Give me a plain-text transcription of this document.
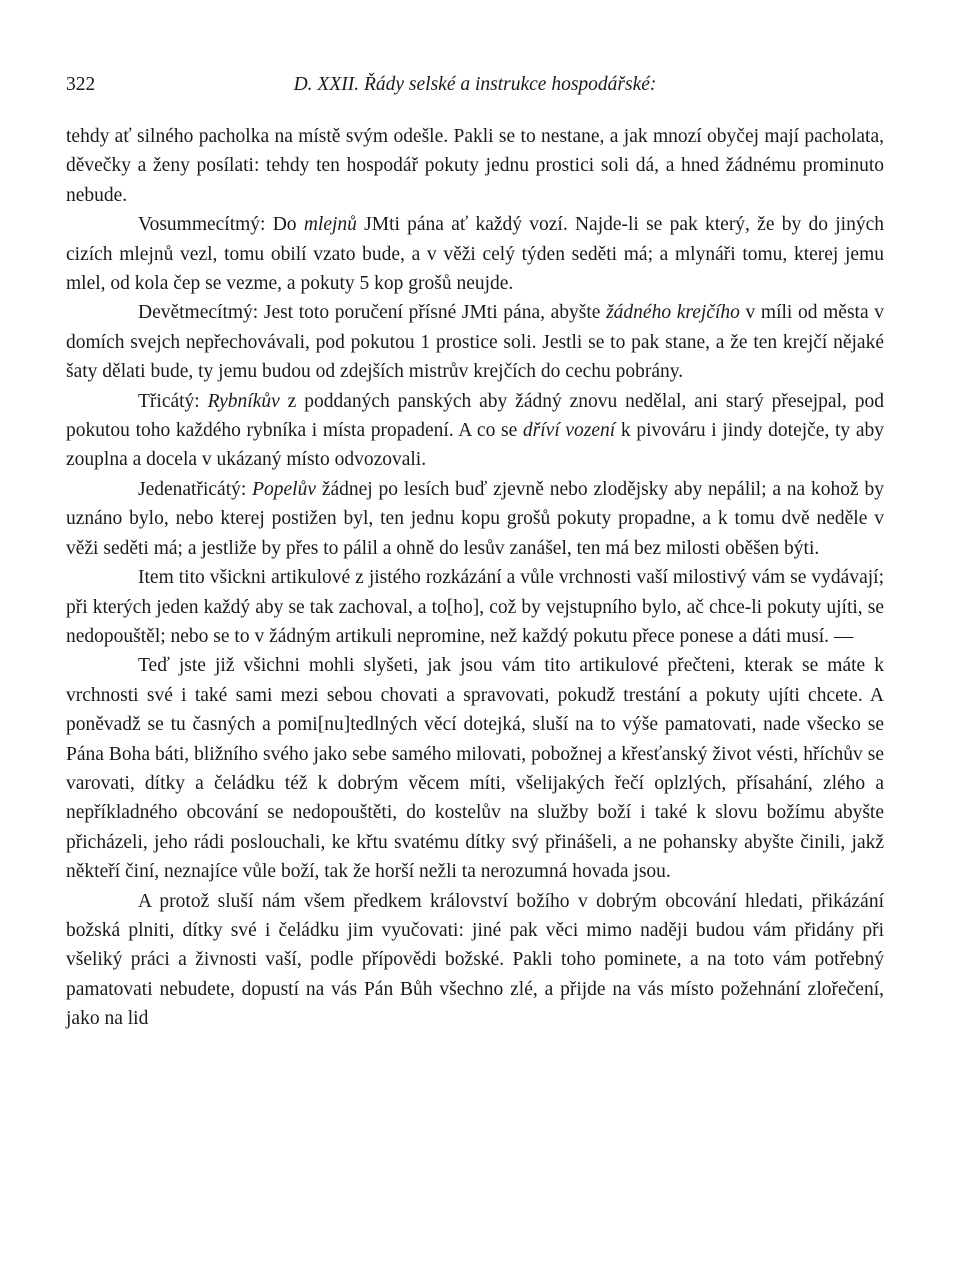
322	D. XXII. Řády selské a instrukce hospodářské:

tehdy ať silného pacholka na místě svým odešle. Pakli se to nestane, a jak mnozí obyčej mají pacholata, děvečky a ženy posílati: tehdy ten hospodář pokuty jednu prostici soli dá, a hned žádnému prominuto nebude.

Vosummecítmý: Do mlejnů JMti pána ať každý vozí. Najde-li se pak který, že by do jiných cizích mlejnů vezl, tomu obilí vzato bude, a v věži celý týden seděti má; a mlynáři tomu, kterej jemu mlel, od kola čep se vezme, a pokuty 5 kop grošů neujde.

Devětmecítmý: Jest toto poručení přísné JMti pána, abyšte žádného krejčího v míli od města v domích svejch nepřechovávali, pod pokutou 1 prostice soli. Jestli se to pak stane, a že ten krejčí nějaké šaty dělati bude, ty jemu budou od zdejších mistrův krejčích do cechu pobrány.

Třicátý: Rybníkův z poddaných panských aby žádný znovu nedělal, ani starý přesejpal, pod pokutou toho každého rybníka i místa propadení. A co se dříví vození k pivováru i jindy dotejče, ty aby zouplna a docela v ukázaný místo odvozovali.

Jedenatřicátý: Popelův žádnej po lesích buď zjevně nebo zlodějsky aby nepálil; a na kohož by uznáno bylo, nebo kterej postižen byl, ten jednu kopu grošů pokuty propadne, a k tomu dvě neděle v věži seděti má; a jestliže by přes to pálil a ohně do lesův zanášel, ten má bez milosti oběšen býti.

Item tito všickni artikulové z jistého rozkázání a vůle vrchnosti vaší milostivý vám se vydávají; při kterých jeden každý aby se tak zachoval, a to[ho], což by vejstupního bylo, ač chce-li pokuty ujíti, se nedopouštěl; nebo se to v žádným artikuli nepromine, než každý pokutu přece ponese a dáti musí. —

Teď jste již všichni mohli slyšeti, jak jsou vám tito artikulové přečteni, kterak se máte k vrchnosti své i také sami mezi sebou chovati a spravovati, pokudž trestání a pokuty ujíti chcete. A poněvadž se tu časných a pomi[nu]tedlných věcí dotejká, sluší na to výše pamatovati, nade všecko se Pána Boha báti, bližního svého jako sebe samého milovati, pobožnej a křesťanský život vésti, hříchův se varovati, dítky a čeládku též k dobrým věcem míti, všelijakých řečí oplzlých, přísahání, zlého a nepříkladného obcování se nedopouštěti, do kostelův na služby boží i také k slovu božímu abyšte přicházeli, jeho rádi poslouchali, ke křtu svatému dítky svý přinášeli, a ne pohansky abyšte činili, jakž někteří činí, neznajíce vůle boží, tak že horší nežli ta nerozumná hovada jsou.

A protož sluší nám všem předkem království božího v dobrým obcování hledati, přikázání božská plniti, dítky své i čeládku jim vyučovati: jiné pak věci mimo naději budou vám přidány při všeliký práci a živnosti vaší, podle přípovědi božské. Pakli toho pominete, a na toto vám potřebný pamatovati nebudete, dopustí na vás Pán Bůh všechno zlé, a přijde na vás místo požehnání zlořečení, jako na lid
